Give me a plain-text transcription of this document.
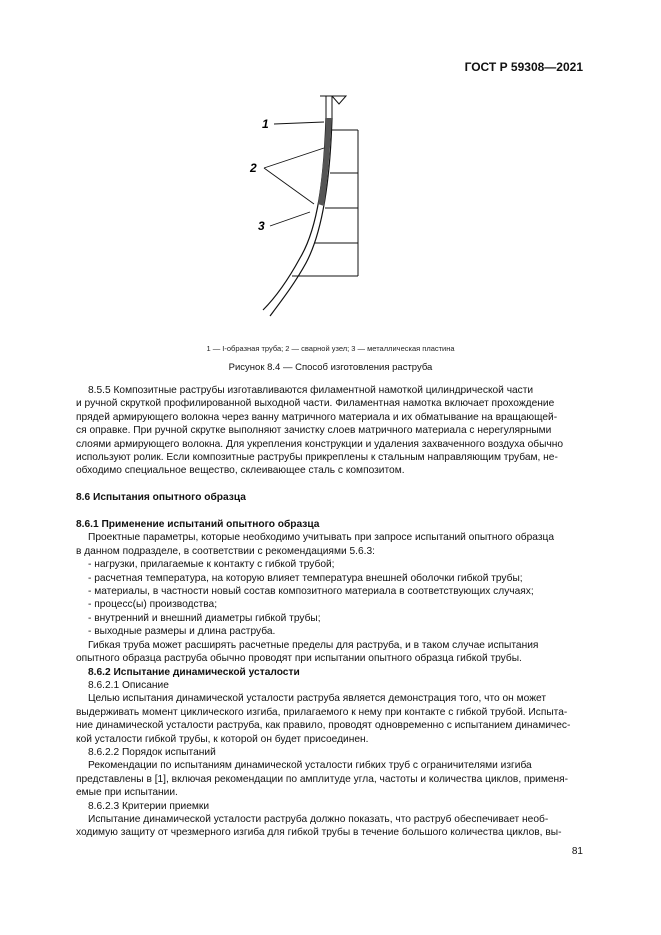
ГОСТ Р 59308—2021
1
2
3
1 — I-образная труба; 2 — сварной узел; 3 — металлическая пластина
Рисунок 8.4 — Способ изготовления раструба

8.5.5 Композитные раструбы изготавливаются филаментной намоткой цилиндрической части

и ручной скруткой профилированной выходной части. Филаментная намотка включает прохождение

прядей армирующего волокна через ванну матричного материала и их обматывание на вращающей-

ся оправке. При ручной скрутке выполняют зачистку слоев матричного материала с нерегулярными

слоями армирующего волокна. Для укрепления конструкции и удаления захваченного воздуха обычно

используют ролик. Если композитные раструбы прикреплены к стальным направляющим трубам, не-

обходимо специальное вещество, склеивающее сталь с композитом.

8.6 Испытания опытного образца

8.6.1 Применение испытаний опытного образца

Проектные параметры, которые необходимо учитывать при запросе испытаний опытного образца

в данном подразделе, в соответствии с рекомендациями 5.6.3:

- нагрузки, прилагаемые к контакту с гибкой трубой;

- расчетная температура, на которую влияет температура внешней оболочки гибкой трубы;

- материалы, в частности новый состав композитного материала в соответствующих случаях;

- процесс(ы) производства;

- внутренний и внешний диаметры гибкой трубы;

- выходные размеры и длина раструба.

Гибкая труба может расширять расчетные пределы для раструба, и в таком случае испытания

опытного образца раструба обычно проводят при испытании опытного образца гибкой трубы.

8.6.2 Испытание динамической усталости

8.6.2.1 Описание

Целью испытания динамической усталости раструба является демонстрация того, что он может

выдерживать момент циклического изгиба, прилагаемого к нему при контакте с гибкой трубой. Испыта-

ние динамической усталости раструба, как правило, проводят одновременно с испытанием динамичес-

кой усталости гибкой трубы, к которой он будет присоединен.

8.6.2.2 Порядок испытаний

Рекомендации по испытаниям динамической усталости гибких труб с ограничителями изгиба

представлены в [1], включая рекомендации по амплитуде угла, частоты и количества циклов, применя-

емые при испытании.

8.6.2.3 Критерии приемки

Испытание динамической усталости раструба должно показать, что раструб обеспечивает необ-

ходимую защиту от чрезмерного изгиба для гибкой трубы в течение большого количества циклов, вы-

81
